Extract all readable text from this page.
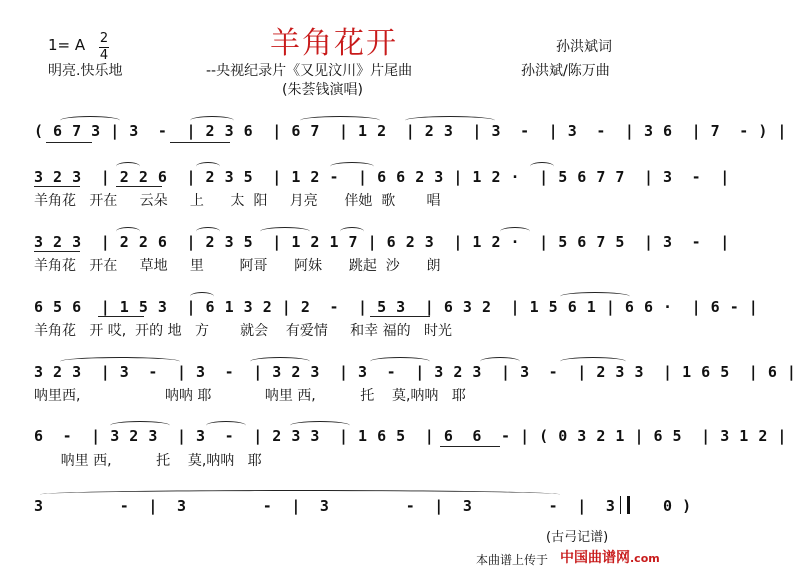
羊角花开
1= A 2
4
孙洪斌词
明亮.快乐地	--央视纪录片《又见汶川》片尾曲	孙洪斌/陈万曲
(朱荟钱演唱)
( 6 7 3 | 3  -  | 2 3 6  | 6 7  | 1 2  | 2 3  | 3  -  | 3  -  | 3 6  | 7  - ) |
3 2 3  | 2 2 6  | 2 3 5  | 1 2 -  | 6 6 2 3 | 1 2 ·  | 5 6 7 7  | 3  -  |
羊角花   开在     云朵     上      太  阳     月亮      伴她  歌       唱
3 2 3  | 2 2 6  | 2 3 5  | 1 2 1 7 | 6 2 3  | 1 2 ·  | 5 6 7 5  | 3  -  |
羊角花   开在     草地     里        阿哥      阿妹      跳起  沙      朗
6 5 6  | 1 5 3  | 6 1 3 2 | 2  -  | 5 3  | 6 3 2  | 1 5 6 1 | 6 6 ·  | 6 - |
羊角花   开 哎,  开的 地   方       就会    有爱情     和幸 福的   时光
3 2 3  | 3  -  | 3  -  | 3 2 3  | 3  -  | 3 2 3  | 3  -  | 2 3 3  | 1 6 5  | 6 |
呐里西,                   呐呐 耶            呐里 西,          托    莫,呐呐   耶
6  -  | 3 2 3  | 3  -  | 2 3 3  | 1 6 5  | 6  6  - | ( 0 3 2 1 | 6 5  | 3 1 2 |
呐里 西,          托    莫,呐呐   耶
3        -  |  3        -  |  3        -  |  3        -  |  3     0 )
(古弓记谱)
本曲谱上传于 中国曲谱网.com
